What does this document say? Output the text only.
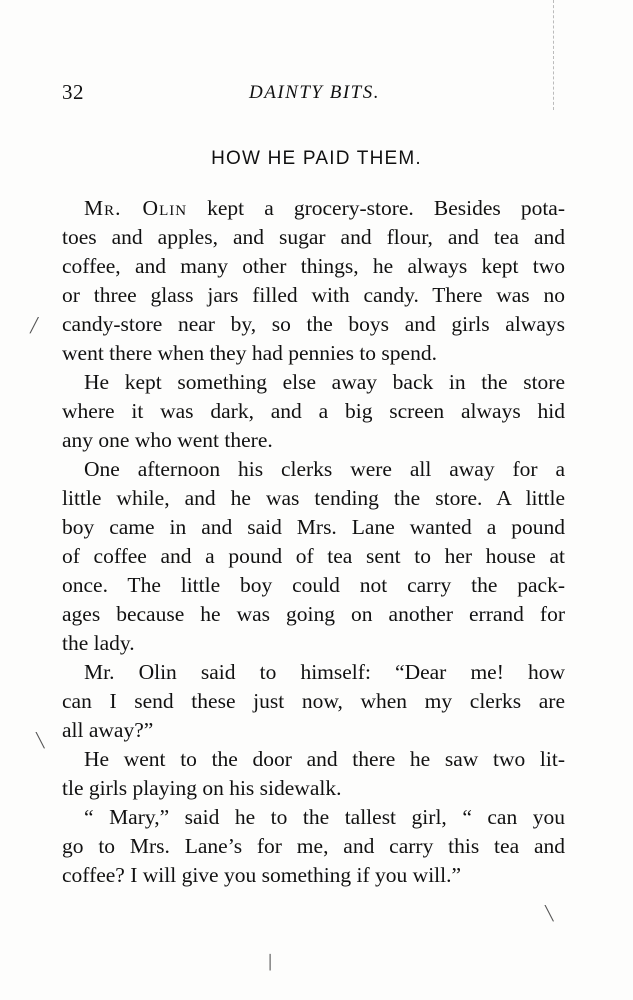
32	DAINTY BITS.
HOW HE PAID THEM.
Mr. Olin kept a grocery-store. Besides pota-
toes and apples, and sugar and flour, and tea and
coffee, and many other things, he always kept two
or three glass jars filled with candy. There was no
candy-store near by, so the boys and girls always
went there when they had pennies to spend.
He kept something else away back in the store
where it was dark, and a big screen always hid
any one who went there.
One afternoon his clerks were all away for a
little while, and he was tending the store. A little
boy came in and said Mrs. Lane wanted a pound
of coffee and a pound of tea sent to her house at
once. The little boy could not carry the pack-
ages because he was going on another errand for
the lady.
Mr. Olin said to himself: “Dear me! how
can I send these just now, when my clerks are
all away?”
He went to the door and there he saw two lit-
tle girls playing on his sidewalk.
“ Mary,” said he to the tallest girl, “ can you
go to Mrs. Lane’s for me, and carry this tea and
coffee? I will give you something if you will.”
╱
╲
╲
│
